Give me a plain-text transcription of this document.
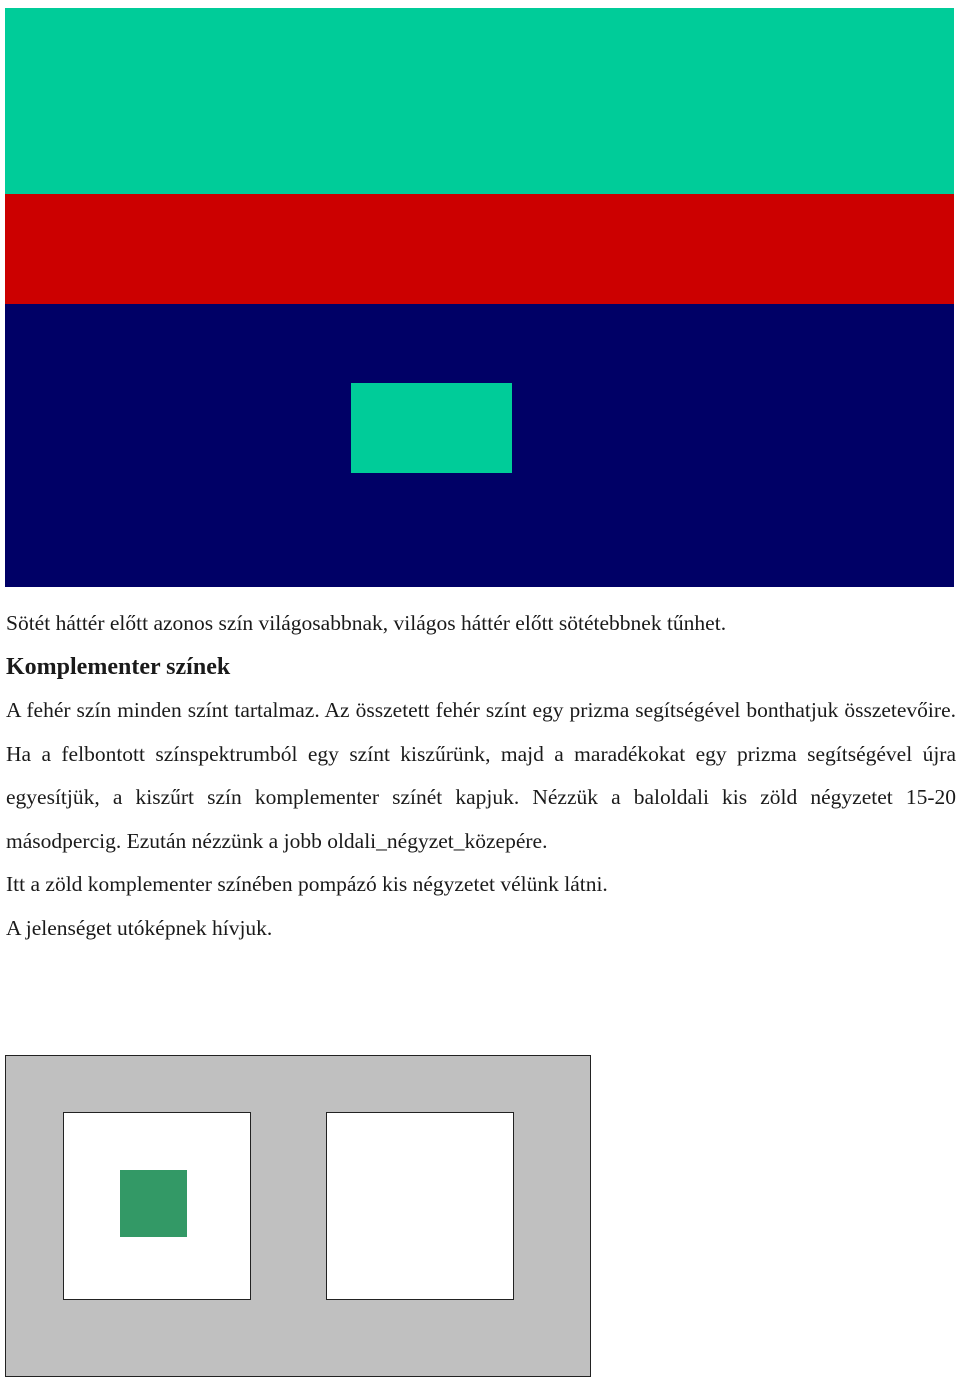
Sötét háttér előtt azonos szín világosabbnak, világos háttér előtt sötétebbnek tűnhet.

Komplementer színek

A fehér szín minden színt tartalmaz. Az összetett fehér színt egy prizma segítségével bonthatjuk összetevőire. Ha a felbontott színspektrumból egy színt kiszűrünk, majd a maradékokat egy prizma segítségével újra egyesítjük, a kiszűrt szín komplementer színét kapjuk. Nézzük a baloldali kis zöld négyzetet 15-20 másodpercig. Ezután nézzünk a jobb oldali_négyzet_közepére.

Itt a zöld komplementer színében pompázó kis négyzetet vélünk látni.

A jelenséget utóképnek hívjuk.
